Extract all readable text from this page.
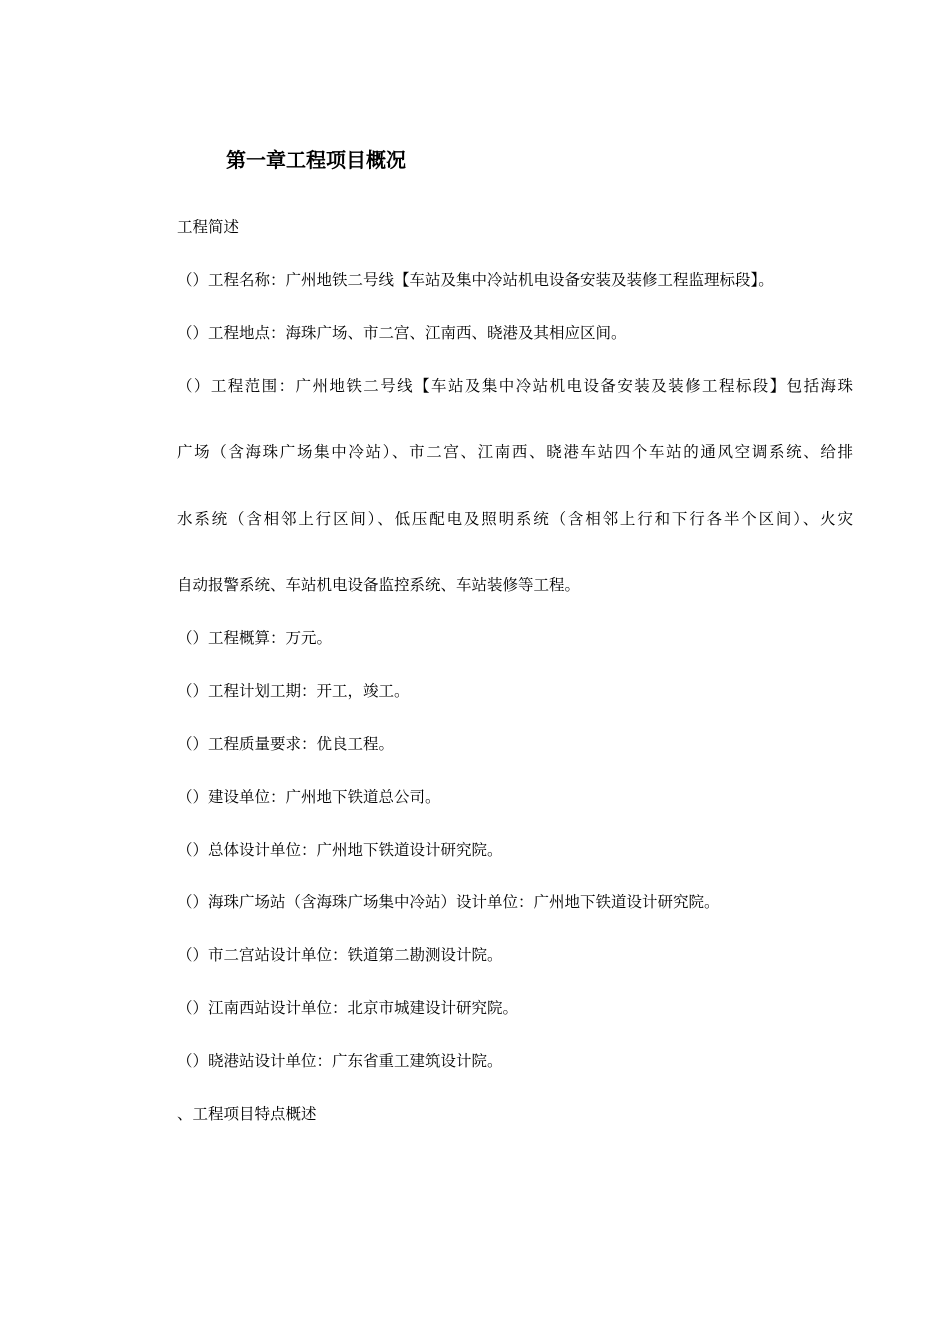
第一章工程项目概况
工程简述
（）工程名称：广州地铁二号线【车站及集中冷站机电设备安装及装修工程监理标段】。
（）工程地点：海珠广场、市二宫、江南西、晓港及其相应区间。
（）工程范围：广州地铁二号线【车站及集中冷站机电设备安装及装修工程标段】包括海珠
广场（含海珠广场集中冷站）、市二宫、江南西、晓港车站四个车站的通风空调系统、给排
水系统（含相邻上行区间）、低压配电及照明系统（含相邻上行和下行各半个区间）、火灾
自动报警系统、车站机电设备监控系统、车站装修等工程。
（）工程概算：万元。
（）工程计划工期：开工，竣工。
（）工程质量要求：优良工程。
（）建设单位：广州地下铁道总公司。
（）总体设计单位：广州地下铁道设计研究院。
（）海珠广场站（含海珠广场集中冷站）设计单位：广州地下铁道设计研究院。
（）市二宫站设计单位：铁道第二勘测设计院。
（）江南西站设计单位：北京市城建设计研究院。
（）晓港站设计单位：广东省重工建筑设计院。
、工程项目特点概述
